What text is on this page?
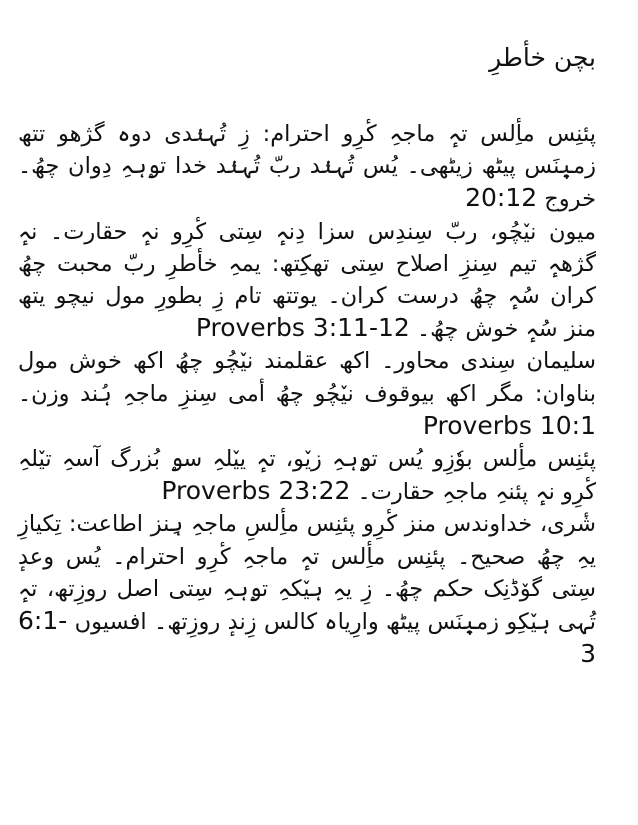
بچن خأطرِ

پئنِس مأِلس تہٕ ماجہِ کٔرِو احترام: زِ تُہنٛدی دوہ گژھو تتھ زمیٖنَس پیٹھ زیٹھی۔ یُس تُہنٛد ربّ تُہنٛد خدا تۄہہِ دِوان چھُ۔ خروج 20:12

میون نیٚچُو، ربّ سِندِس سزا دِنہٕ سِتی کٔرِو نہٕ حقارت۔ نہٕ گژھہٕ تیم سِنزِ اصلاح سِتی تھکِتھ: یمہِ خأطرِ ربّ محبت چھُ کران سُہٕ چھُ درست کران۔ یوتتھ تام زِ بطورِ مول نیچو یتھ منز سُہٕ خوش چھُ۔ Proverbs 3:11-12

سلیمان سِندی محاور۔ اکھ عقلمند نیٚچُو چھُ اکھ خوش مول بناوان: مگر اکھ بیوقوف نیٚچُو چھُ أمی سِنزِ ماجہِ ہُند وزن۔ Proverbs 10:1

پئنِس مأِلس بوٗزِو یُس تۄہہِ زیٚو، تہٕ ییٚلہِ سۄ بُزرگ آسہِ تیٚلہِ کٔرِو نہٕ پئنہِ ماجہِ حقارت۔ Proverbs 23:22

شٔری، خداوندس منز کٔرِو پئنِس مأِلسِ ماجہِ ہِنز اطاعت: تِکیازِ یہِ چھُ صحیح۔ پئنِس مأِلس تہٕ ماجہِ کٔرِو احترام۔ یُس وعدٕ سِتی گوٚڈنِک حکم چھُ۔ زِ یہِ ہیٚکہِ تۄہہِ سِتی اصل روزِتھ، تہٕ تُہی ہیٚکِو زمیٖنَس پیٹھ وارِیاہ کالس زِندٕ روزِتھ۔ افسیوں 6:1-3
